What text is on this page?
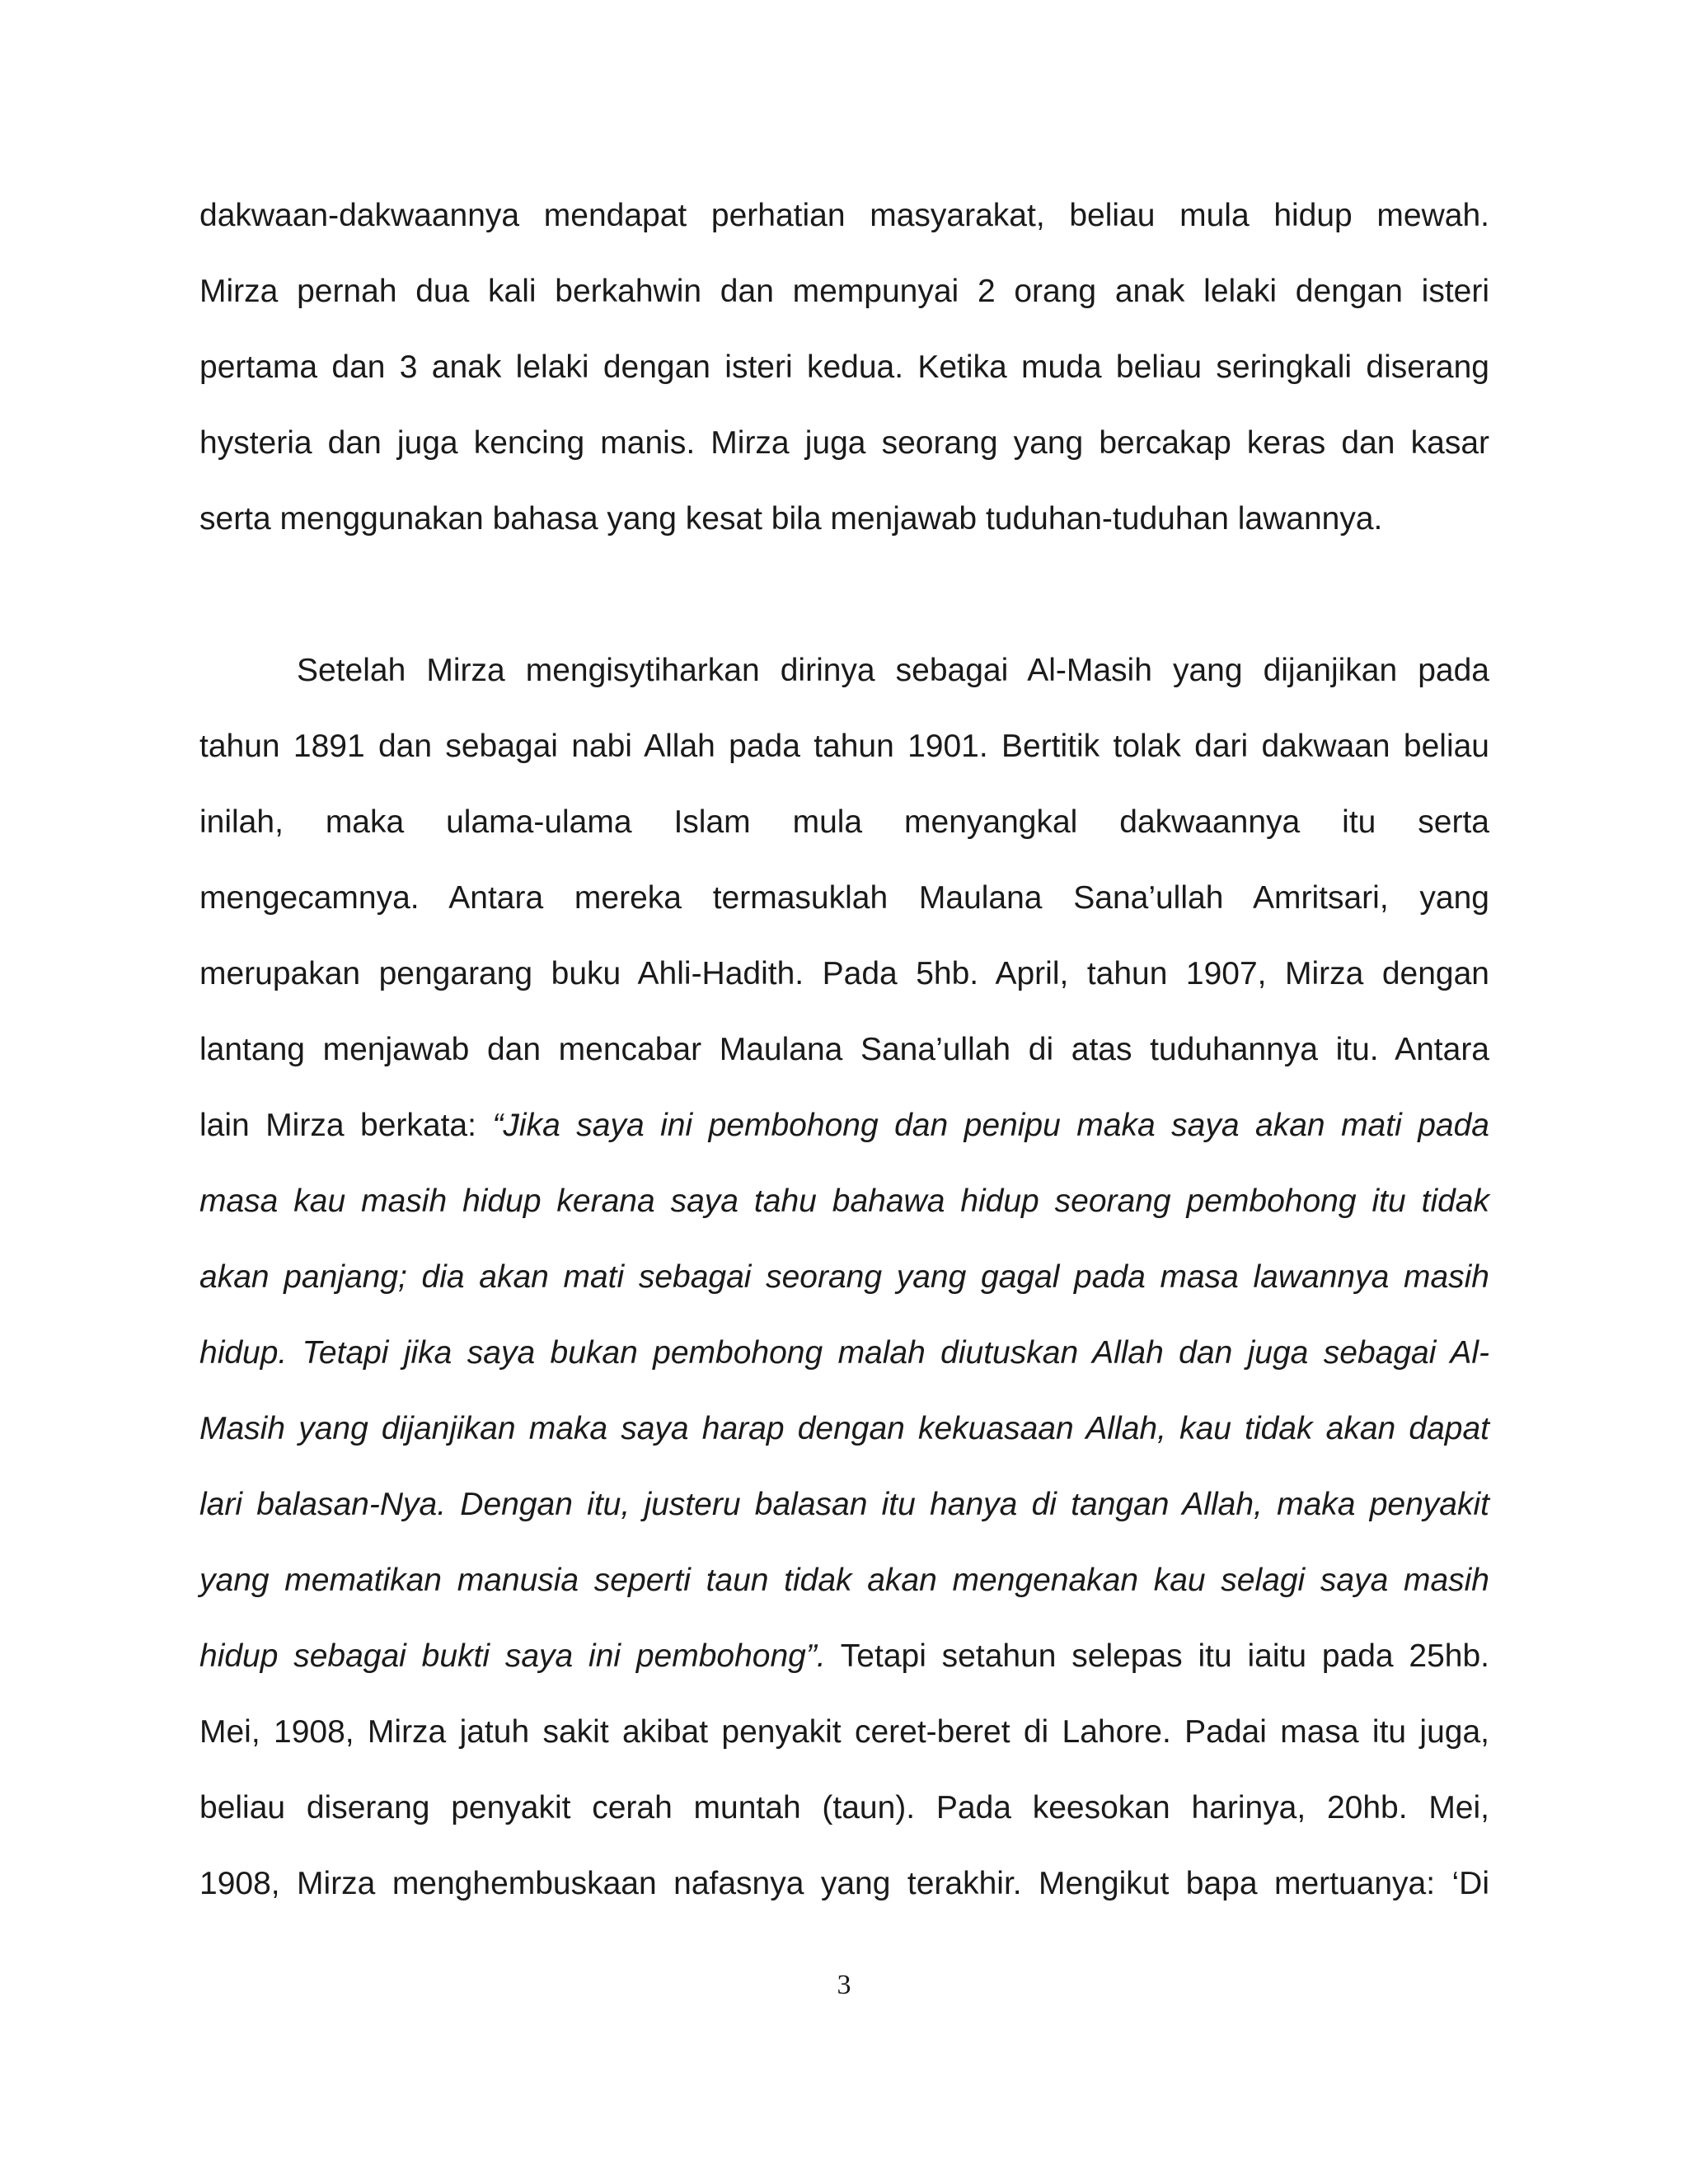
dakwaan-dakwaannya mendapat perhatian masyarakat, beliau mula hidup mewah.
Mirza pernah dua kali berkahwin dan mempunyai 2 orang anak lelaki dengan isteri
pertama dan 3 anak lelaki dengan isteri kedua. Ketika muda beliau seringkali diserang
hysteria dan juga kencing manis. Mirza juga seorang yang bercakap keras dan kasar
serta menggunakan bahasa yang kesat bila menjawab tuduhan-tuduhan lawannya.
Setelah Mirza mengisytiharkan dirinya sebagai Al-Masih yang dijanjikan pada
tahun 1891 dan sebagai nabi Allah pada tahun 1901. Bertitik tolak dari dakwaan beliau
inilah, maka ulama-ulama Islam mula menyangkal dakwaannya itu serta
mengecamnya. Antara mereka termasuklah Maulana Sana’ullah Amritsari, yang
merupakan pengarang buku Ahli-Hadith. Pada 5hb. April, tahun 1907, Mirza dengan
lantang menjawab dan mencabar Maulana Sana’ullah di atas tuduhannya itu. Antara
lain Mirza berkata: “Jika saya ini pembohong dan penipu maka saya akan mati pada
masa kau masih hidup kerana saya tahu bahawa hidup seorang pembohong itu tidak
akan panjang; dia akan mati sebagai seorang yang gagal pada masa lawannya masih
hidup. Tetapi jika saya bukan pembohong malah diutuskan Allah dan juga sebagai Al-
Masih yang dijanjikan maka saya harap dengan kekuasaan Allah, kau tidak akan dapat
lari balasan-Nya. Dengan itu, justeru balasan itu hanya di tangan Allah, maka penyakit
yang mematikan manusia seperti taun tidak akan mengenakan kau selagi saya masih
hidup sebagai bukti saya ini pembohong”. Tetapi setahun selepas itu iaitu pada 25hb.
Mei, 1908, Mirza jatuh sakit akibat penyakit ceret-beret di Lahore. Padai masa itu juga,
beliau diserang penyakit cerah muntah (taun). Pada keesokan harinya, 20hb. Mei,
1908, Mirza menghembuskaan nafasnya yang terakhir. Mengikut bapa mertuanya: ‘Di
3
